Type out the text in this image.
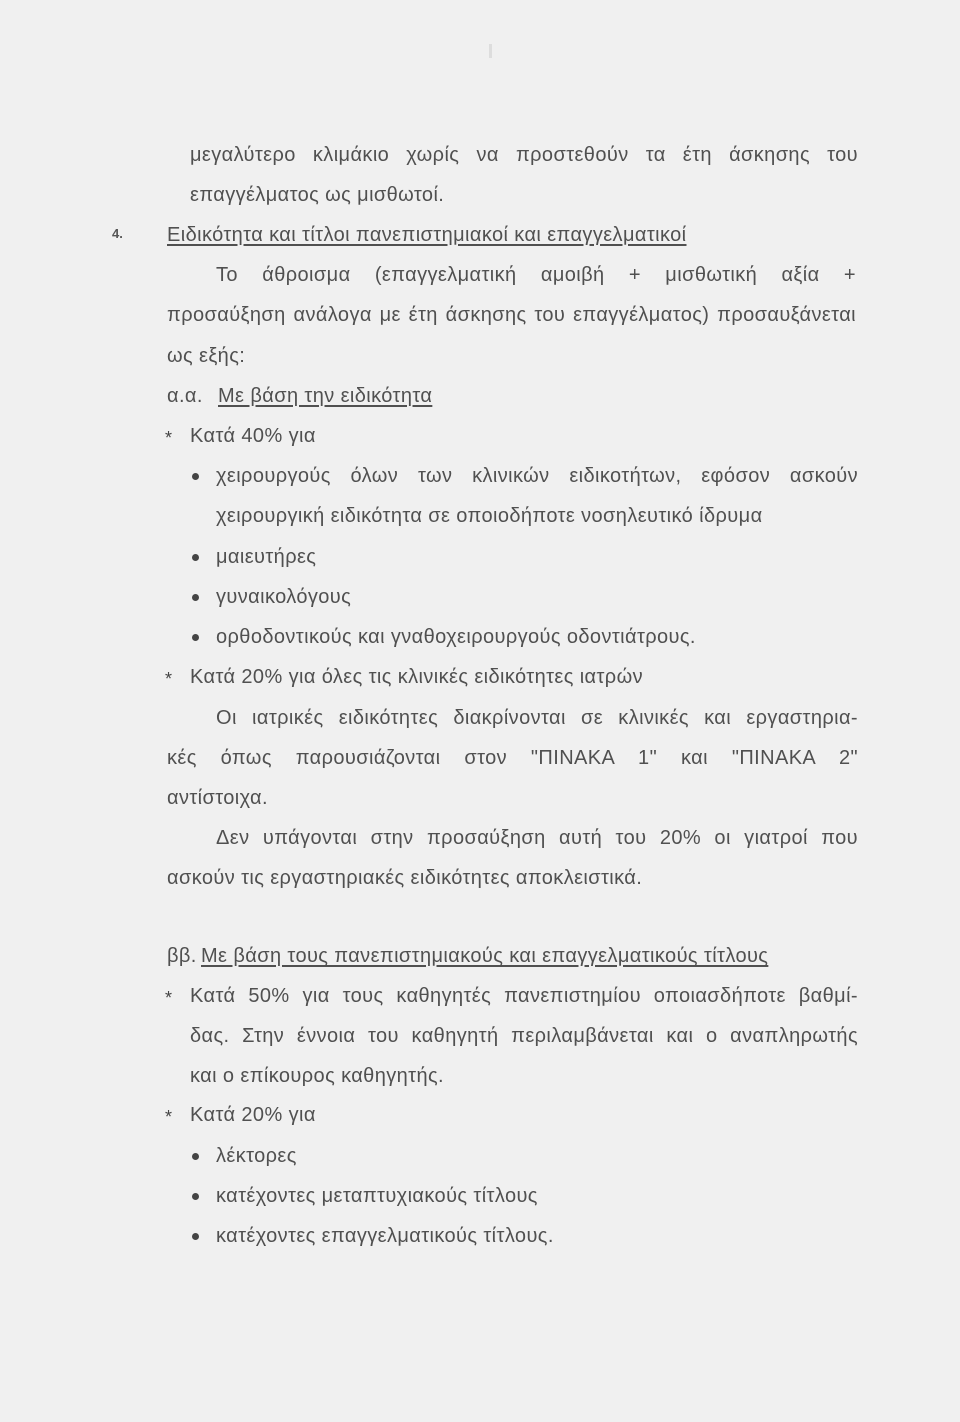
μεγαλύτερο κλιμάκιο χωρίς να προστεθούν τα έτη άσκησης του
επαγγέλματος ως μισθωτοί.
4. Ειδικότητα και τίτλοι πανεπιστημιακοί και επαγγελματικοί
Το άθροισμα (επαγγελματική αμοιβή + μισθωτική αξία +
προσαύξηση ανάλογα με έτη άσκησης του επαγγέλματος) προσαυξάνεται
ως εξής:
α.α. Με βάση την ειδικότητα
* Κατά 40% για
χειρουργούς όλων των κλινικών ειδικοτήτων, εφόσον ασκούν
χειρουργική ειδικότητα σε οποιοδήποτε νοσηλευτικό ίδρυμα
μαιευτήρες
γυναικολόγους
ορθοδοντικούς και γναθοχειρουργούς οδοντιάτρους.
* Κατά 20% για όλες τις κλινικές ειδικότητες ιατρών
Οι ιατρικές ειδικότητες διακρίνονται σε κλινικές και εργαστηρια-
κές όπως παρουσιάζονται στον "ΠΙΝΑΚΑ 1" και "ΠΙΝΑΚΑ 2"
αντίστοιχα.
Δεν υπάγονται στην προσαύξηση αυτή του 20% οι γιατροί που
ασκούν τις εργαστηριακές ειδικότητες αποκλειστικά.
ββ. Με βάση τους πανεπιστημιακούς και επαγγελματικούς τίτλους
* Κατά 50% για τους καθηγητές πανεπιστημίου οποιασδήποτε βαθμί-
δας. Στην έννοια του καθηγητή περιλαμβάνεται και ο αναπληρωτής
και ο επίκουρος καθηγητής.
* Κατά 20% για
λέκτορες
κατέχοντες μεταπτυχιακούς τίτλους
κατέχοντες επαγγελματικούς τίτλους.
